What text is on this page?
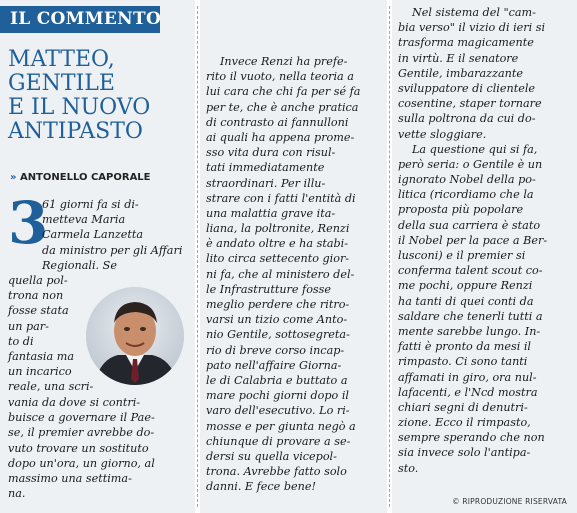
IL COMMENTO
MATTEO,
GENTILE
E IL NUOVO
ANTIPASTO
» ANTONELLO CAPORALE
3
61 giorni fa si di-
metteva Maria
Carmela Lanzetta
da ministro per gli Affari
Regionali. Se
quella pol-
trona non
fosse stata
un par-
to di
fantasia ma
un incarico
reale, una scri-
vania da dove si contri-
buisce a governare il Pae-
se, il premier avrebbe do-
vuto trovare un sostituto
dopo un'ora, un giorno, al
massimo una settima-
na.
Invece Renzi ha prefe-
rito il vuoto, nella teoria a
lui cara che chi fa per sé fa
per te, che è anche pratica
di contrasto ai fannulloni
ai quali ha appena prome-
sso vita dura con risul-
tati immediatamente
straordinari. Per illu-
strare con i fatti l'entità di
una malattia grave ita-
liana, la poltronite, Renzi
è andato oltre e ha stabi-
lito circa settecento gior-
ni fa, che al ministero del-
le Infrastrutture fosse
meglio perdere che ritro-
varsi un tizio come Anto-
nio Gentile, sottosegreta-
rio di breve corso incap-
pato nell'affaire Giorna-
le di Calabria e buttato a
mare pochi giorni dopo il
varo dell'esecutivo. Lo ri-
mosse e per giunta negò a
chiunque di provare a se-
dersi su quella vicepol-
trona. Avrebbe fatto solo
danni. E fece bene!
Nel sistema del "cam-
bia verso" il vizio di ieri si
trasforma magicamente
in virtù. E il senatore
Gentile, imbarazzante
sviluppatore di clientele
cosentine, staper tornare
sulla poltrona da cui do-
vette sloggiare.
La questione qui si fa,
però seria: o Gentile è un
ignorato Nobel della po-
litica (ricordiamo che la
proposta più popolare
della sua carriera è stato
il Nobel per la pace a Ber-
lusconi) e il premier si
conferma talent scout co-
me pochi, oppure Renzi
ha tanti di quei conti da
saldare che tenerli tutti a
mente sarebbe lungo. In-
fatti è pronto da mesi il
rimpasto. Ci sono tanti
affamati in giro, ora nul-
lafacenti, e l'Ncd mostra
chiari segni di denutri-
zione. Ecco il rimpasto,
sempre sperando che non
sia invece solo l'antipa-
sto.
© RIPRODUZIONE RISERVATA
